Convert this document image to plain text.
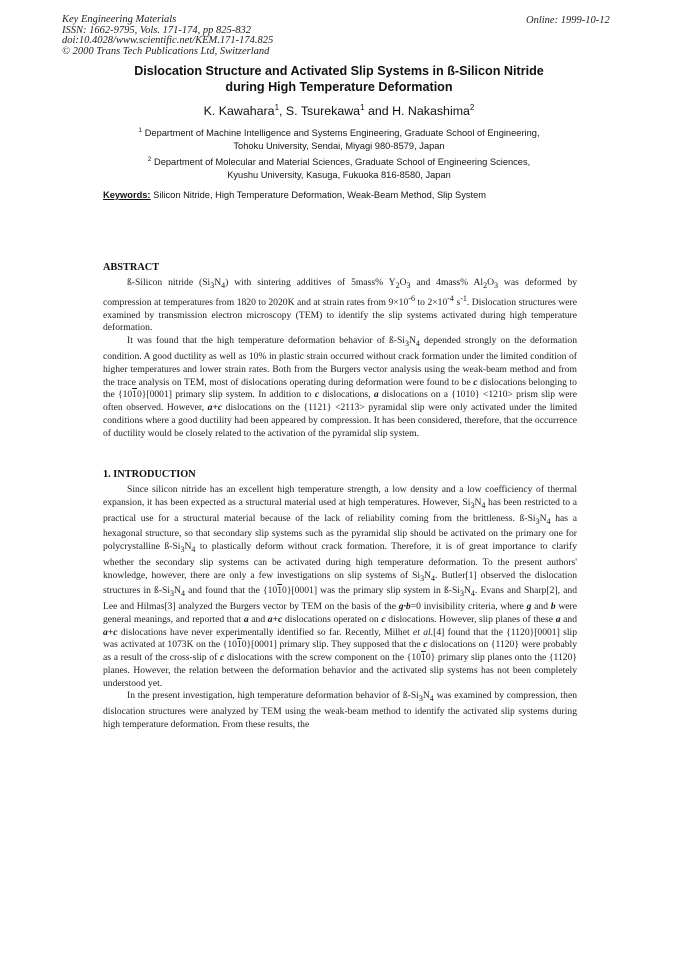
Key Engineering Materials
ISSN: 1662-9795, Vols. 171-174, pp 825-832
doi:10.4028/www.scientific.net/KEM.171-174.825
© 2000 Trans Tech Publications Ltd, Switzerland
Online: 1999-10-12
Dislocation Structure and Activated Slip Systems in ß-Silicon Nitride
during High Temperature Deformation
K. Kawahara$^1$, S. Tsurekawa$^1$ and H. Nakashima$^2$
$^1$ Department of Machine Intelligence and Systems Engineering, Graduate School of Engineering,
Tohoku University, Sendai, Miyagi 980-8579, Japan
$^2$ Department of Molecular and Material Sciences, Graduate School of Engineering Sciences,
Kyushu University, Kasuga, Fukuoka 816-8580, Japan
Keywords: Silicon Nitride, High Temperature Deformation, Weak-Beam Method, Slip System
ABSTRACT

ß-Silicon nitride $(Si_3N_4)$ with sintering additives of 5mass% $Y_2O_3$ and 4mass% $Al_2O_3$ was deformed by compression at temperatures from 1820 to 2020K and at strain rates from $9\times 10^{-6}$ to $2\times 10^{-4}$ $s^{-1}$. Dislocation structures were examined by transmission electron microscopy (TEM) to identify the slip systems activated during high temperature deformation.

It was found that the high temperature deformation behavior of $ß-Si_3N_4$ depended strongly on the deformation condition. A good ductility as well as 10% in plastic strain occurred without crack formation under the limited condition of higher temperatures and lower strain rates. Both from the Burgers vector analysis using the weak-beam method and from the trace analysis on TEM, most of dislocations operating during deformation were found to be c dislocations belonging to the {1010}[0001] primary slip system. In addition to c dislocations, a dislocations on a {1010} <1210> prism slip were often observed. However, a+c dislocations on the {1121} <2113> pyramidal slip were only activated under the limited conditions where a good ductility had been appeared by compression. It has been considered, therefore, that the occurrence of ductility would be closely related to the activation of the pyramidal slip system.

1. INTRODUCTION

Since silicon nitride has an excellent high temperature strength, a low density and a low coefficiency of thermal expansion, it has been expected as a structural material used at high temperatures. However, $Si_3N_4$ has been restricted to a practical use for a structural material because of the lack of reliability coming from the brittleness. $ß-Si_3N_4$ has a hexagonal structure, so that secondary slip systems such as the pyramidal slip should be activated on the primary one for polycrystalline $ß-Si_3N_4$ to plastically deform without crack formation. Therefore, it is of great importance to clarify whether the secondary slip systems can be activated during high temperature deformation. To the present authors' knowledge, however, there are only a few investigations on slip systems of $Si_3N_4$. Butler[1] observed the dislocation structures in $ß-Si_3N_4$ and found that the {1010}[0001] was the primary slip system in $ß-Si_3N_4$. Evans and Sharp[2], and Lee and Hilmas[3] analyzed the Burgers vector by TEM on the basis of the g·b=0 invisibility criteria, where g and b were general meanings, and reported that a and a+c dislocations operated on c dislocations. However, slip planes of these a and a+c dislocations have never experimentally identified so far. Recently, Milhet et al.[4] found that the {1120}[0001] slip was activated at 1073K on the {1010}[0001] primary slip. They supposed that the c dislocations on {1120} were probably as a result of the cross-slip of c dislocations with the screw component on the {1010} primary slip planes onto the {1120} planes. However, the relation between the deformation behavior and the activated slip systems has not been completely understood yet.

In the present investigation, high temperature deformation behavior of $ß-Si_3N_4$ was examined by compression, then dislocation structures were analyzed by TEM using the weak-beam method to identify the activated slip systems during high temperature deformation. From these results, the
